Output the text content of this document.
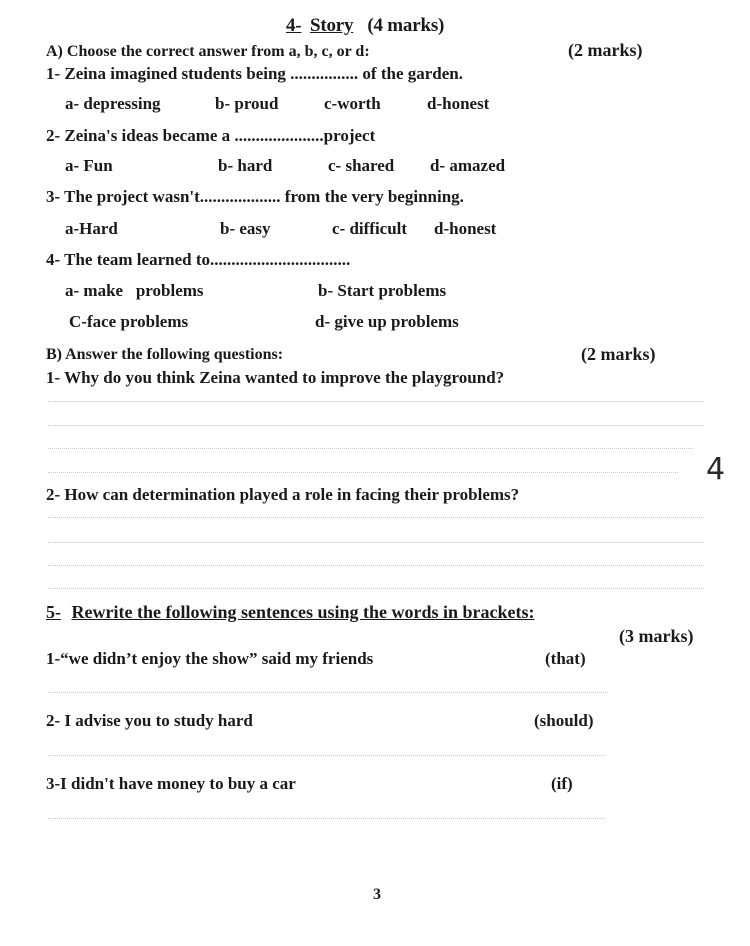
4- Story (4 marks)
A) Choose the correct answer from a, b, c, or d:	(2 marks)
1- Zeina imagined students being ................ of the garden.
a- depressing	b- proud	c-worth	d-honest
2- Zeina's ideas became a .....................project
a- Fun	b- hard	c- shared d- amazed
3- The project wasn't................... from the very beginning.
a-Hard	b- easy	c- difficult d-honest
4- The team learned to.................................
a- make   problems	b- Start problems
C-face problems	d- give up problems
B) Answer the following questions:	(2 marks)
1- Why do you think Zeina wanted to improve the playground?
4
2- How can determination played a role in facing their problems?
5- Rewrite the following sentences using the words in brackets:
(3 marks)
1-“we didn’t enjoy the show” said my friends	(that)
2- I advise you to study hard	(should)
3-I didn't have money to buy a car	(if)
3
